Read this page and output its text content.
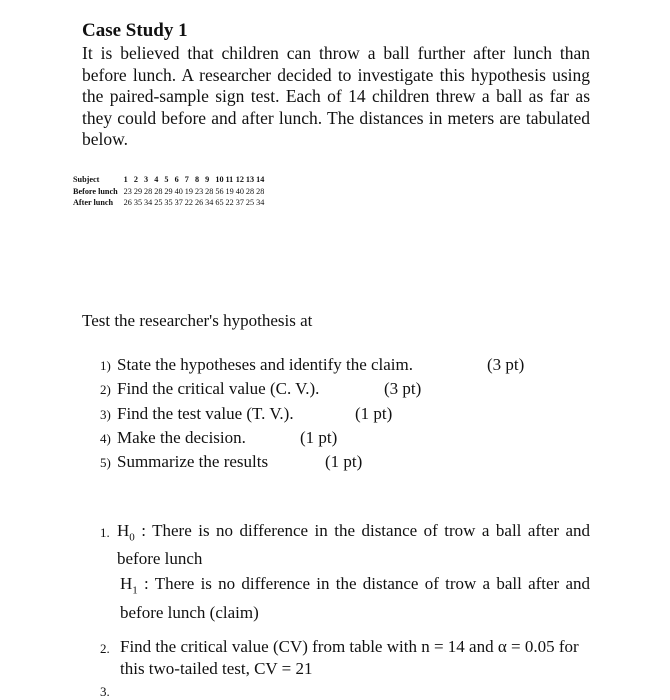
Case Study 1

It is believed that children can throw a ball further after lunch than before lunch. A researcher decided to investigate this hypothesis using the paired-sample sign test. Each of 14 children threw a ball as far as they could before and after lunch. The distances in meters are tabulated below.

Subject	1	2	3	4	5	6	7	8	9	10	11	12	13	14
Before lunch	23	29	28	28	29	40	19	23	28	56	19	40	28	28
After lunch	26	35	34	25	35	37	22	26	34	65	22	37	25	34
Test the researcher's hypothesis at
1) State the hypotheses and identify the claim.	(3 pt)
2) Find the critical value (C. V.).	(3 pt)
3) Find the test value (T. V.).	(1 pt)
4) Make the decision.	(1 pt)
5) Summarize the results	(1 pt)
1. $H_0$ : There is no difference in the distance of trow a ball after and before lunch
$H_1$ : There is no difference in the distance of trow a ball after and before lunch (claim)
2. Find the critical value (CV) from table with n = 14 and α = 0.05 for this two-tailed test, CV = 21
3.
